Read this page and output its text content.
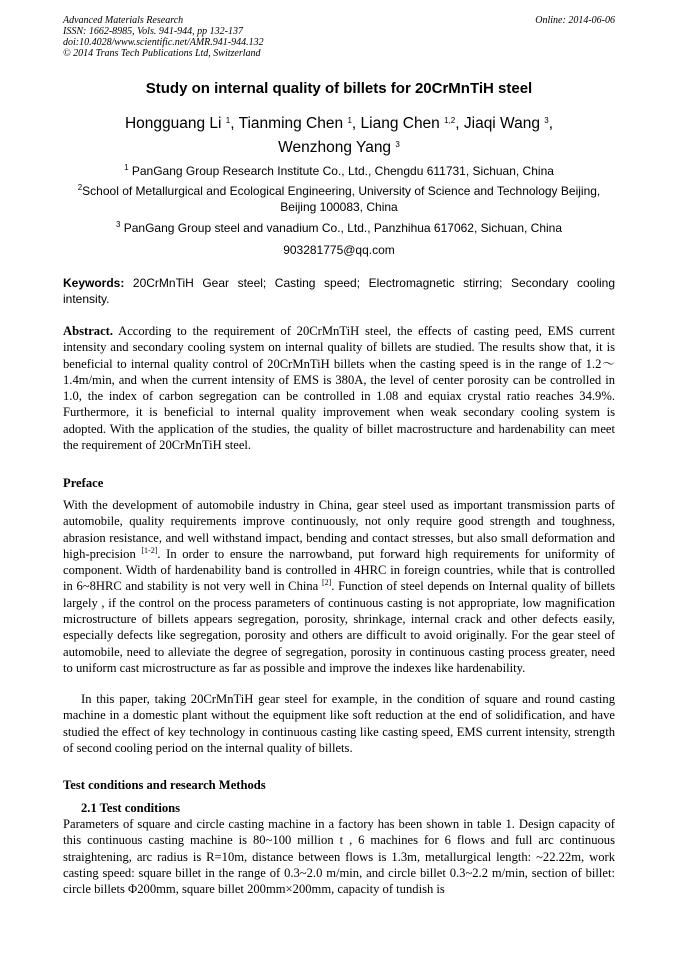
Advanced Materials Research
ISSN: 1662-8985, Vols. 941-944, pp 132-137
doi:10.4028/www.scientific.net/AMR.941-944.132
© 2014 Trans Tech Publications Ltd, Switzerland
Online: 2014-06-06
Study on internal quality of billets for 20CrMnTiH steel
Hongguang Li $^1$, Tianming Chen $^1$, Liang Chen $^{1,2}$, Jiaqi Wang $^3$,
Wenzhong Yang $^3$
$^1$ PanGang Group Research Institute Co., Ltd., Chengdu 611731, Sichuan, China
$^2$School of Metallurgical and Ecological Engineering, University of Science and Technology Beijing, Beijing 100083, China
$^3$ PanGang Group steel and vanadium Co., Ltd., Panzhihua 617062, Sichuan, China
903281775@qq.com
Keywords: 20CrMnTiH Gear steel; Casting speed; Electromagnetic stirring; Secondary cooling intensity.
Abstract. According to the requirement of 20CrMnTiH steel, the effects of casting peed, EMS current intensity and secondary cooling system on internal quality of billets are studied. The results show that, it is beneficial to internal quality control of 20CrMnTiH billets when the casting speed is in the range of 1.2～1.4m/min, and when the current intensity of EMS is 380A, the level of center porosity can be controlled in 1.0, the index of carbon segregation can be controlled in 1.08 and equiax crystal ratio reaches 34.9%. Furthermore, it is beneficial to internal quality improvement when weak secondary cooling system is adopted. With the application of the studies, the quality of billet macrostructure and hardenability can meet the requirement of 20CrMnTiH steel.
Preface
With the development of automobile industry in China, gear steel used as important transmission parts of automobile, quality requirements improve continuously, not only require good strength and toughness, abrasion resistance, and well withstand impact, bending and contact stresses, but also small deformation and high-precision [1-2]. In order to ensure the narrowband, put forward high requirements for uniformity of component. Width of hardenability band is controlled in 4HRC in foreign countries, while that is controlled in 6~8HRC and stability is not very well in China [2]. Function of steel depends on Internal quality of billets largely , if the control on the process parameters of continuous casting is not appropriate, low magnification microstructure of billets appears segregation, porosity, shrinkage, internal crack and other defects easily, especially defects like segregation, porosity and others are difficult to avoid originally. For the gear steel of automobile, need to alleviate the degree of segregation, porosity in continuous casting process greater, need to uniform cast microstructure as far as possible and improve the indexes like hardenability.
In this paper, taking 20CrMnTiH gear steel for example, in the condition of square and round casting machine in a domestic plant without the equipment like soft reduction at the end of solidification, and have studied the effect of key technology in continuous casting like casting speed, EMS current intensity, strength of second cooling period on the internal quality of billets.
Test conditions and research Methods
2.1 Test conditions
Parameters of square and circle casting machine in a factory has been shown in table 1. Design capacity of this continuous casting machine is 80~100 million t , 6 machines for 6 flows and full arc continuous straightening, arc radius is R=10m, distance between flows is 1.3m, metallurgical length: ~22.22m, work casting speed: square billet in the range of 0.3~2.0 m/min, and circle billet 0.3~2.2 m/min, section of billet: circle billets Φ200mm, square billet 200mm×200mm, capacity of tundish is
